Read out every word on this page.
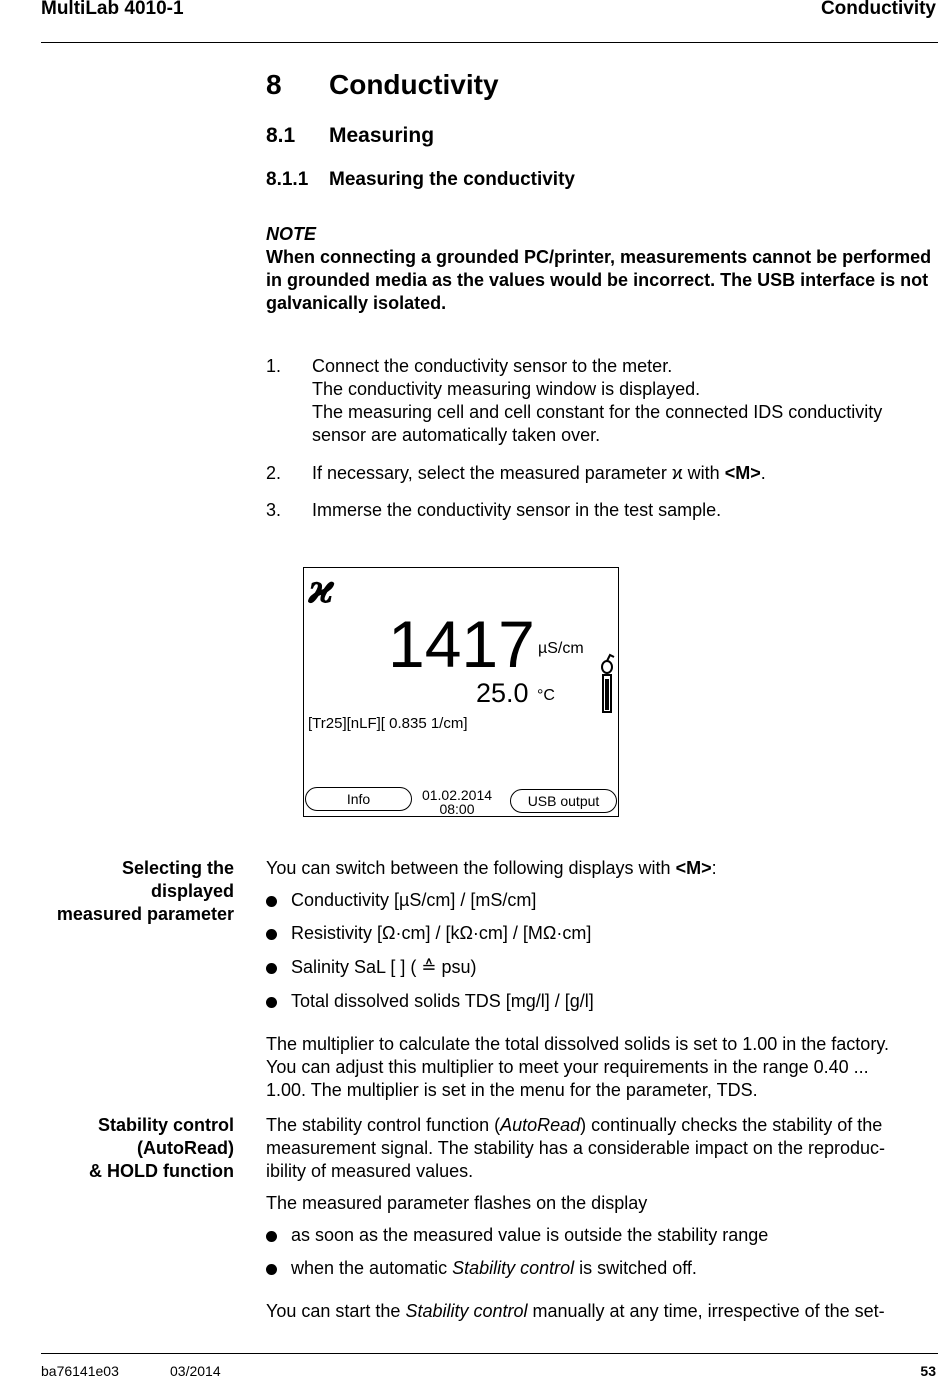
MultiLab 4010-1	Conductivity
8 Conductivity
8.1 Measuring
8.1.1 Measuring the conductivity
NOTE
When connecting a grounded PC/printer, measurements cannot be performed in grounded media as the values would be incorrect. The USB interface is not galvanically isolated.
1. Connect the conductivity sensor to the meter.
The conductivity measuring window is displayed.
The measuring cell and cell constant for the connected IDS conductivity
sensor are automatically taken over.
2. If necessary, select the measured parameter ϰ with <M>.
3. Immerse the conductivity sensor in the test sample.
ϰ
1417 µS/cm
25.0 °C
[Tr25][nLF][ 0.835 1/cm]
Info	01.02.2014
08:00	USB output
Selecting the
displayed
measured parameter
You can switch between the following displays with <M>:
Conductivity [µS/cm] / [mS/cm]
Resistivity [Ω·cm] / [kΩ·cm] / [MΩ·cm]
Salinity SaL [ ] ( ≙ psu)
Total dissolved solids TDS [mg/l] / [g/l]
The multiplier to calculate the total dissolved solids is set to 1.00 in the factory.
You can adjust this multiplier to meet your requirements in the range 0.40 ...
1.00. The multiplier is set in the menu for the parameter, TDS.
Stability control
(AutoRead)
& HOLD function
The stability control function (AutoRead) continually checks the stability of the
measurement signal. The stability has a considerable impact on the reproduc-
ibility of measured values.
The measured parameter flashes on the display
as soon as the measured value is outside the stability range
when the automatic Stability control is switched off.
You can start the Stability control manually at any time, irrespective of the set-
ba76141e03	03/2014	53
